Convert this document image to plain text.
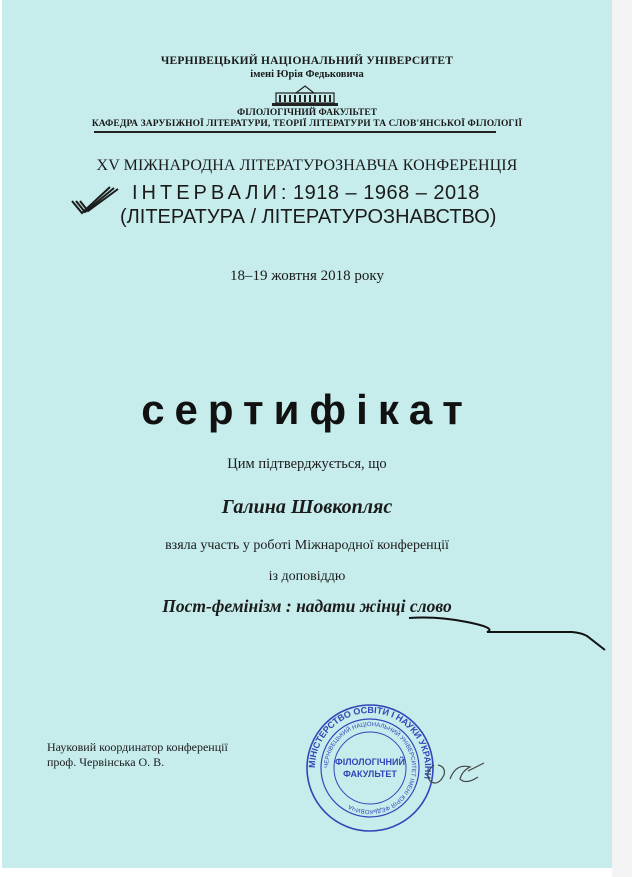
ЧЕРНІВЕЦЬКИЙ НАЦІОНАЛЬНИЙ УНІВЕРСИТЕТ

імені Юрія Федьковича

ФІЛОЛОГІЧНИЙ ФАКУЛЬТЕТ

КАФЕДРА ЗАРУБІЖНОЇ ЛІТЕРАТУРИ, ТЕОРІЇ ЛІТЕРАТУРИ ТА СЛОВ'ЯНСЬКОЇ ФІЛОЛОГІЇ

XV МІЖНАРОДНА ЛІТЕРАТУРОЗНАВЧА КОНФЕРЕНЦІЯ

ІНТЕРВАЛИ: 1918 – 1968 – 2018

(ЛІТЕРАТУРА / ЛІТЕРАТУРОЗНАВСТВО)

18–19 жовтня 2018 року

сертифікат

Цим підтверджується, що

Галина Шовкопляс

взяла участь у роботі Міжнародної конференції

із доповіддю

Пост-фемінізм : надати жінці слово

Науковий координатор конференції

проф. Червінська О. В.	МІНІСТЕРСТВО ОСВІТИ І НАУКИ УКРАЇНИ
ЧЕРНІВЕЦЬКИЙ НАЦІОНАЛЬНИЙ УНІВЕРСИТЕТ ІМЕНІ ЮРІЯ ФЕДЬКОВИЧА
ФІЛОЛОГІЧНИЙ
ФАКУЛЬТЕТ
